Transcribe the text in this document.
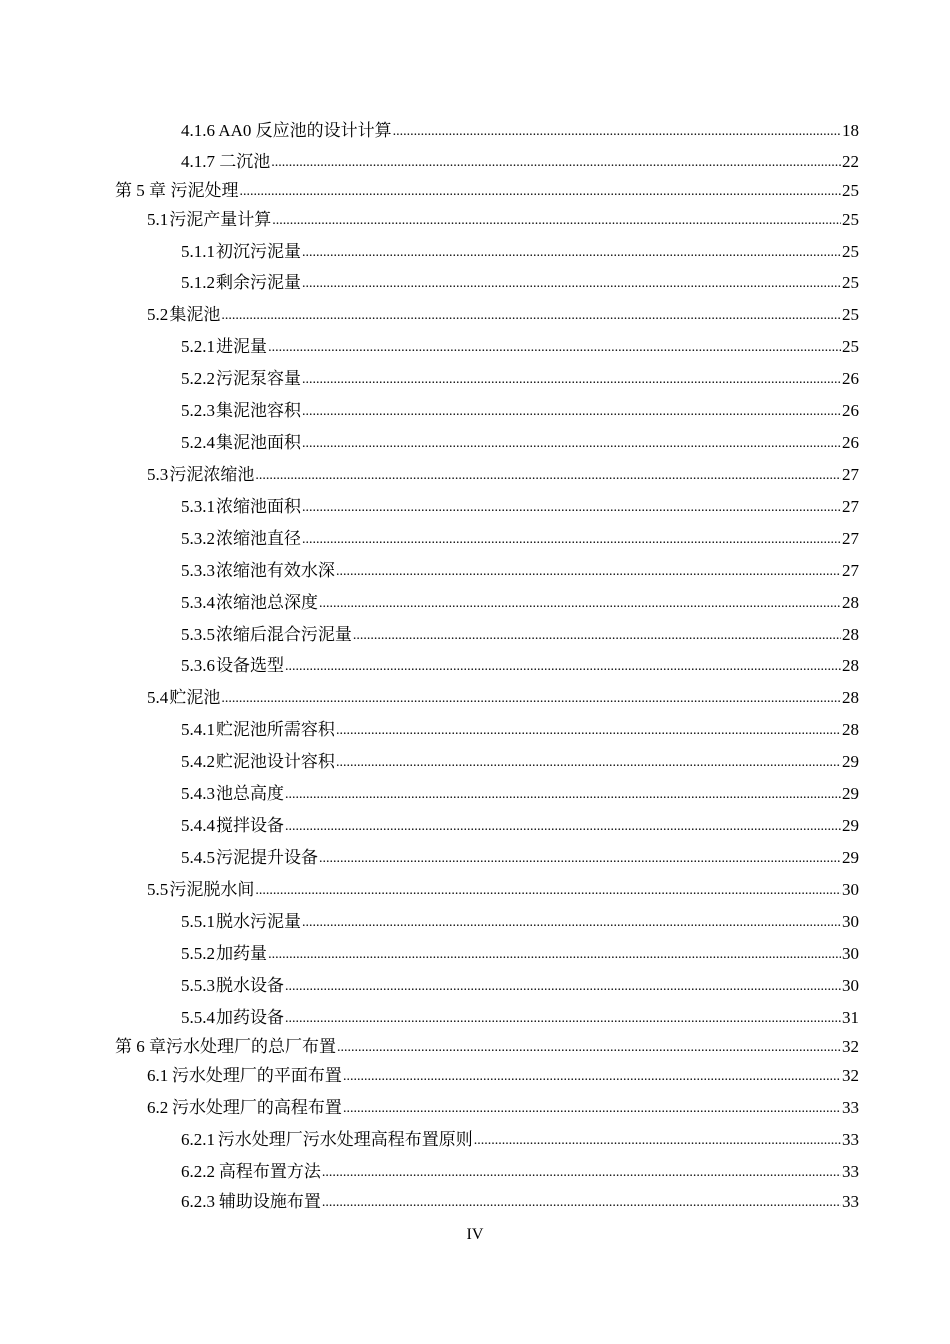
4.1.6 AA0 反应池的设计计算 .....	18
4.1.7 二沉池 .....	22
第 5 章 污泥处理 .....	25
5.1 污泥产量计算 .....	25
5.1.1 初沉污泥量 .....	25
5.1.2 剩余污泥量 .....	25
5.2 集泥池 .....	25
5.2.1 进泥量 .....	25
5.2.2 污泥泵容量 .....	26
5.2.3 集泥池容积 .....	26
5.2.4 集泥池面积 .....	26
5.3 污泥浓缩池 .....	27
5.3.1 浓缩池面积 .....	27
5.3.2 浓缩池直径 .....	27
5.3.3 浓缩池有效水深 .....	27
5.3.4 浓缩池总深度 .....	28
5.3.5 浓缩后混合污泥量 .....	28
5.3.6 设备选型 .....	28
5.4 贮泥池 .....	28
5.4.1 贮泥池所需容积 .....	28
5.4.2 贮泥池设计容积 .....	29
5.4.3 池总高度 .....	29
5.4.4 搅拌设备 .....	29
5.4.5 污泥提升设备 .....	29
5.5 污泥脱水间 .....	30
5.5.1 脱水污泥量 .....	30
5.5.2 加药量 .....	30
5.5.3 脱水设备 .....	30
5.5.4 加药设备 .....	31
第 6 章 污水处理厂的总厂布置 .....	32
6.1 污水处理厂的平面布置 .....	32
6.2 污水处理厂的高程布置 .....	33
6.2.1 污水处理厂污水处理高程布置原则 .....	33
6.2.2 高程布置方法 .....	33
6.2.3 辅助设施布置 .....	33
IV
